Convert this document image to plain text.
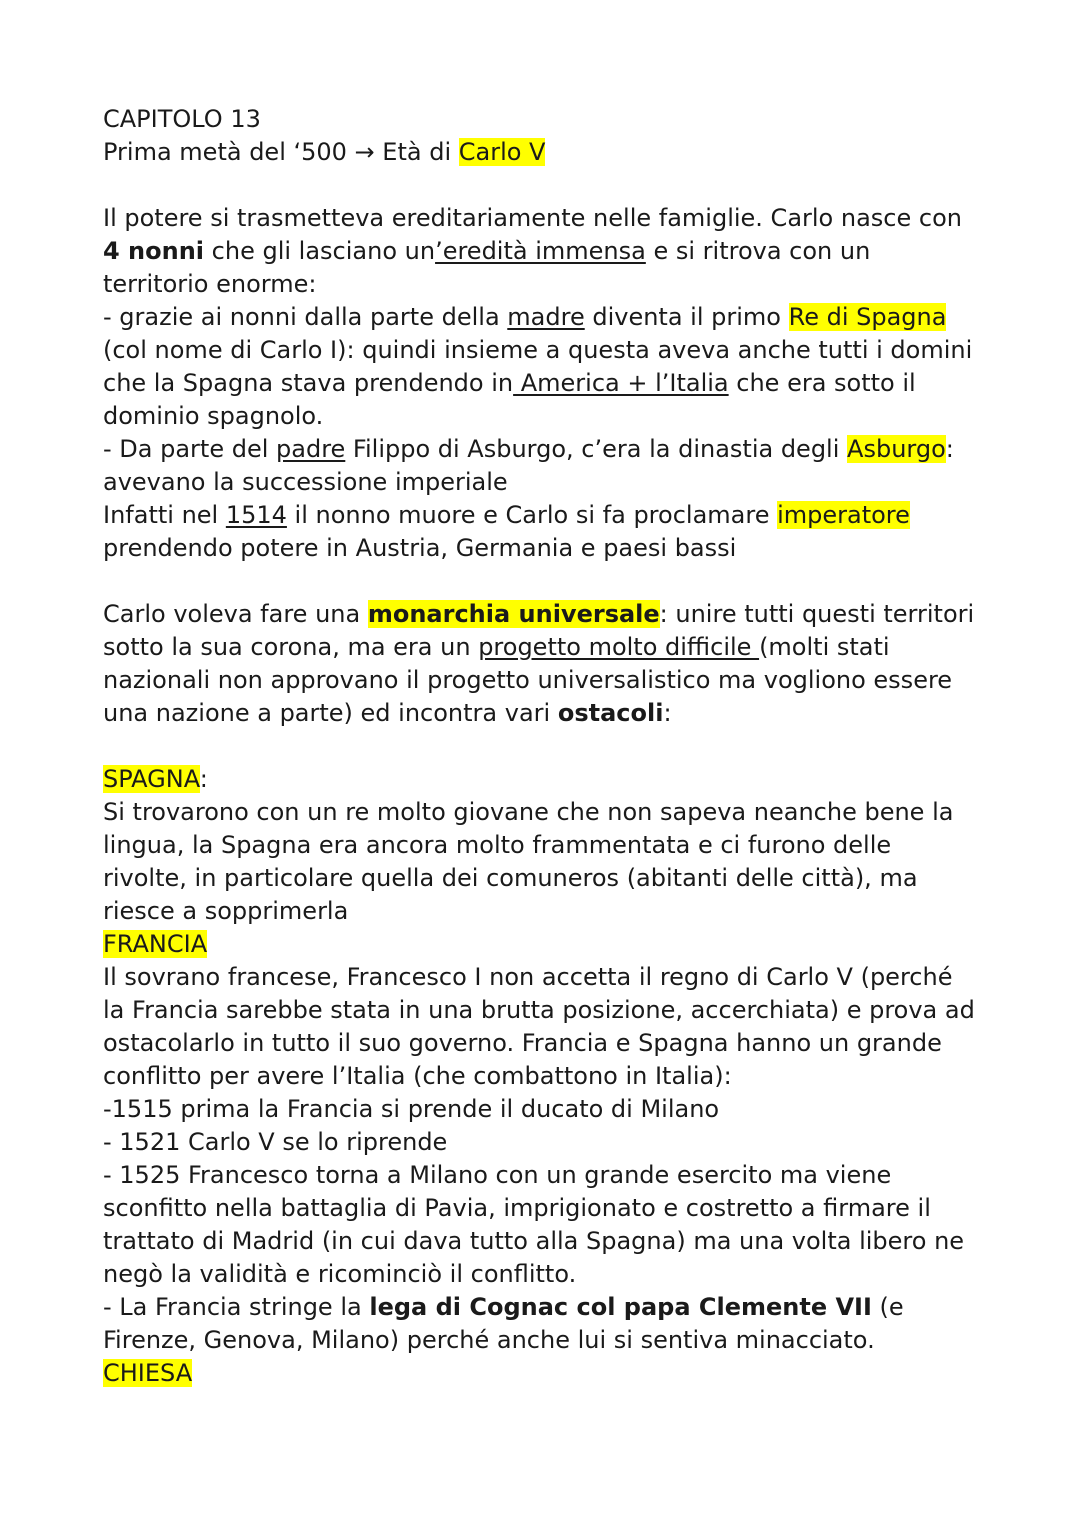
CAPITOLO 13
Prima metà del ‘500 → Età di Carlo V
Il potere si trasmetteva ereditariamente nelle famiglie. Carlo nasce con
4 nonni che gli lasciano un’eredità immensa e si ritrova con un
territorio enorme:
- grazie ai nonni dalla parte della madre diventa il primo Re di Spagna
(col nome di Carlo I): quindi insieme a questa aveva anche tutti i domini
che la Spagna stava prendendo in America + l’Italia che era sotto il
dominio spagnolo.
- Da parte del padre Filippo di Asburgo, c’era la dinastia degli Asburgo:
avevano la successione imperiale
Infatti nel 1514 il nonno muore e Carlo si fa proclamare imperatore
prendendo potere in Austria, Germania e paesi bassi
Carlo voleva fare una monarchia universale: unire tutti questi territori
sotto la sua corona, ma era un progetto molto difficile (molti stati
nazionali non approvano il progetto universalistico ma vogliono essere
una nazione a parte) ed incontra vari ostacoli:
SPAGNA:
Si trovarono con un re molto giovane che non sapeva neanche bene la
lingua, la Spagna era ancora molto frammentata e ci furono delle
rivolte, in particolare quella dei comuneros (abitanti delle città), ma
riesce a sopprimerla
FRANCIA
Il sovrano francese, Francesco I non accetta il regno di Carlo V (perché
la Francia sarebbe stata in una brutta posizione, accerchiata) e prova ad
ostacolarlo in tutto il suo governo. Francia e Spagna hanno un grande
conflitto per avere l’Italia (che combattono in Italia):
-1515 prima la Francia si prende il ducato di Milano
- 1521 Carlo V se lo riprende
- 1525 Francesco torna a Milano con un grande esercito ma viene
sconfitto nella battaglia di Pavia, imprigionato e costretto a firmare il
trattato di Madrid (in cui dava tutto alla Spagna) ma una volta libero ne
negò la validità e ricominciò il conflitto.
- La Francia stringe la lega di Cognac col papa Clemente VII (e
Firenze, Genova, Milano) perché anche lui si sentiva minacciato.
CHIESA
